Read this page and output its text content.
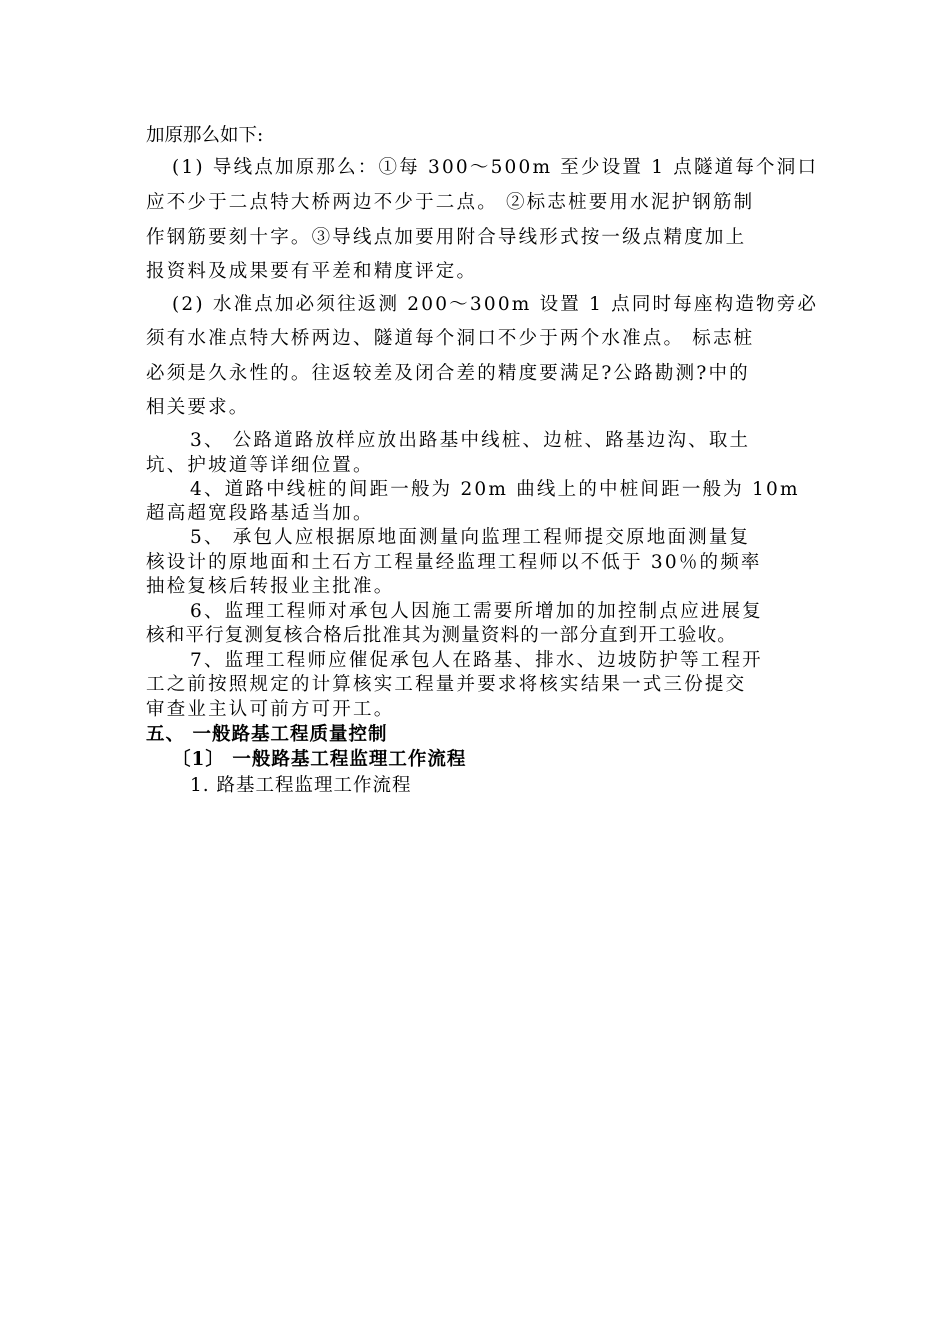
加原那么如下:
(1) 导线点加原那么：①每 300～500m 至少设置 1 点隧道每个洞口
应不少于二点特大桥两边不少于二点。 ②标志桩要用水泥护钢筋制
作钢筋要刻十字。③导线点加要用附合导线形式按一级点精度加上
报资料及成果要有平差和精度评定。
(2) 水准点加必须往返测 200～300m 设置 1 点同时每座构造物旁必
须有水准点特大桥两边、隧道每个洞口不少于两个水准点。 标志桩
必须是久永性的。往返较差及闭合差的精度要满足?公路勘测?中的
相关要求。
3、 公路道路放样应放出路基中线桩、边桩、路基边沟、取土
坑、护坡道等详细位置。
4、道路中线桩的间距一般为 20m 曲线上的中桩间距一般为 10m
超高超宽段路基适当加。
5、 承包人应根据原地面测量向监理工程师提交原地面测量复
核设计的原地面和土石方工程量经监理工程师以不低于 30％的频率
抽检复核后转报业主批准。
6、监理工程师对承包人因施工需要所增加的加控制点应进展复
核和平行复测复核合格后批准其为测量资料的一部分直到开工验收。
7、监理工程师应催促承包人在路基、排水、边坡防护等工程开
工之前按照规定的计算核实工程量并要求将核实结果一式三份提交
审查业主认可前方可开工。
五、 一般路基工程质量控制
〔1〕 一般路基工程监理工作流程
1. 路基工程监理工作流程
